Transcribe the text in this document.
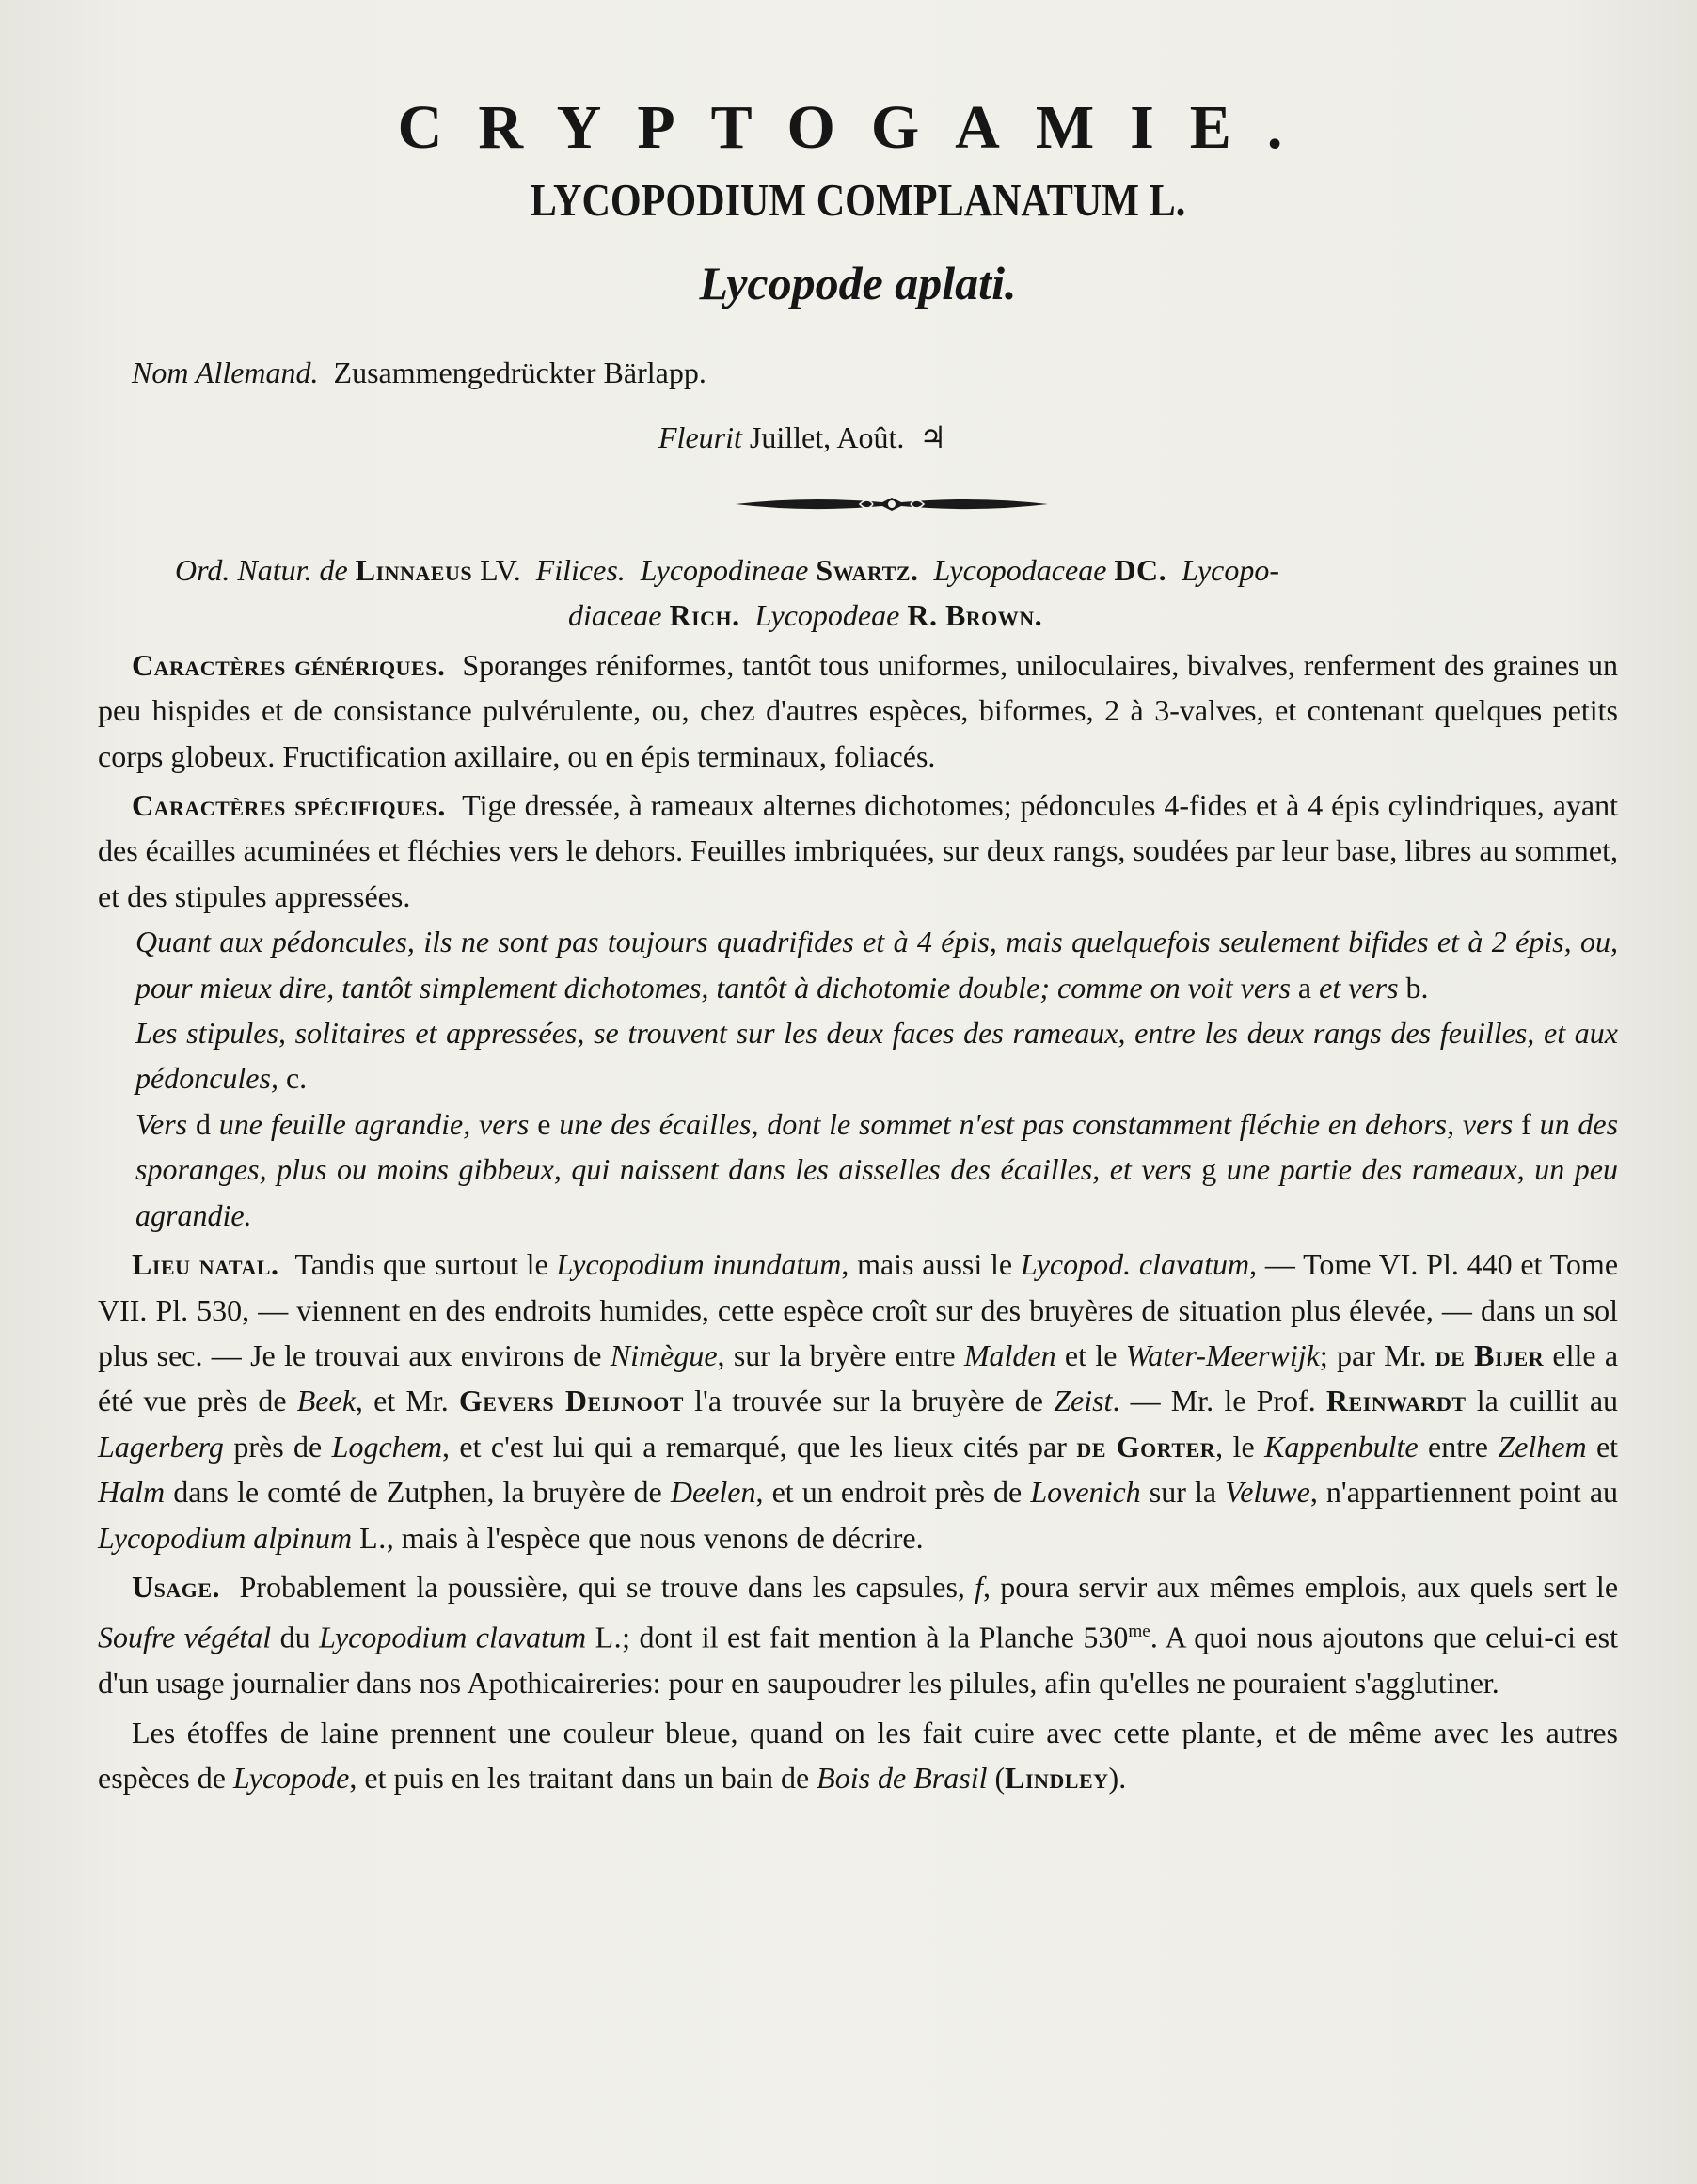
CRYPTOGAMIE.
LYCOPODIUM COMPLANATUM L.
Lycopode aplati.

Nom Allemand. Zusammengedrückter Bärlapp.

Fleurit Juillet, Août. ♃

Ord. Natur. de Linnaeus LV. Filices. Lycopodineae Swartz. Lycopodaceae DC. Lycopo-

diaceae Rich. Lycopodeae R. Brown.

Caractères génériques. Sporanges réniformes, tantôt tous uniformes, uniloculaires, bivalves, renferment des graines un peu hispides et de consistance pulvérulente, ou, chez d'autres espèces, biformes, 2 à 3-valves, et contenant quelques petits corps globeux. Fructification axillaire, ou en épis terminaux, foliacés.

Caractères spécifiques. Tige dressée, à rameaux alternes dichotomes; pédoncules 4-fides et à 4 épis cylindriques, ayant des écailles acuminées et fléchies vers le dehors. Feuilles imbriquées, sur deux rangs, soudées par leur base, libres au sommet, et des stipules appressées.

Quant aux pédoncules, ils ne sont pas toujours quadrifides et à 4 épis, mais quelquefois seulement bifides et à 2 épis, ou, pour mieux dire, tantôt simplement dichotomes, tantôt à dichotomie double; comme on voit vers a et vers b.

Les stipules, solitaires et appressées, se trouvent sur les deux faces des rameaux, entre les deux rangs des feuilles, et aux pédoncules, c.

Vers d une feuille agrandie, vers e une des écailles, dont le sommet n'est pas constamment fléchie en dehors, vers f un des sporanges, plus ou moins gibbeux, qui naissent dans les aisselles des écailles, et vers g une partie des rameaux, un peu agrandie.

Lieu natal. Tandis que surtout le Lycopodium inundatum, mais aussi le Lycopod. clavatum, — Tome VI. Pl. 440 et Tome VII. Pl. 530, — viennent en des endroits humides, cette espèce croît sur des bruyères de situation plus élevée, — dans un sol plus sec. — Je le trouvai aux environs de Nimègue, sur la bryère entre Malden et le Water-Meerwijk; par Mr. de Bijer elle a été vue près de Beek, et Mr. Gevers Deijnoot l'a trouvée sur la bruyère de Zeist. — Mr. le Prof. Reinwardt la cuillit au Lagerberg près de Logchem, et c'est lui qui a remarqué, que les lieux cités par de Gorter, le Kappenbulte entre Zelhem et Halm dans le comté de Zutphen, la bruyère de Deelen, et un endroit près de Lovenich sur la Veluwe, n'appartiennent point au Lycopodium alpinum L., mais à l'espèce que nous venons de décrire.

Usage. Probablement la poussière, qui se trouve dans les capsules, f, poura servir aux mêmes emplois, aux quels sert le Soufre végétal du Lycopodium clavatum L.; dont il est fait mention à la Planche $530^{me}$. A quoi nous ajoutons que celui-ci est d'un usage journalier dans nos Apothicaireries: pour en saupoudrer les pilules, afin qu'elles ne pouraient s'agglutiner.

Les étoffes de laine prennent une couleur bleue, quand on les fait cuire avec cette plante, et de même avec les autres espèces de Lycopode, et puis en les traitant dans un bain de Bois de Brasil (Lindley).
